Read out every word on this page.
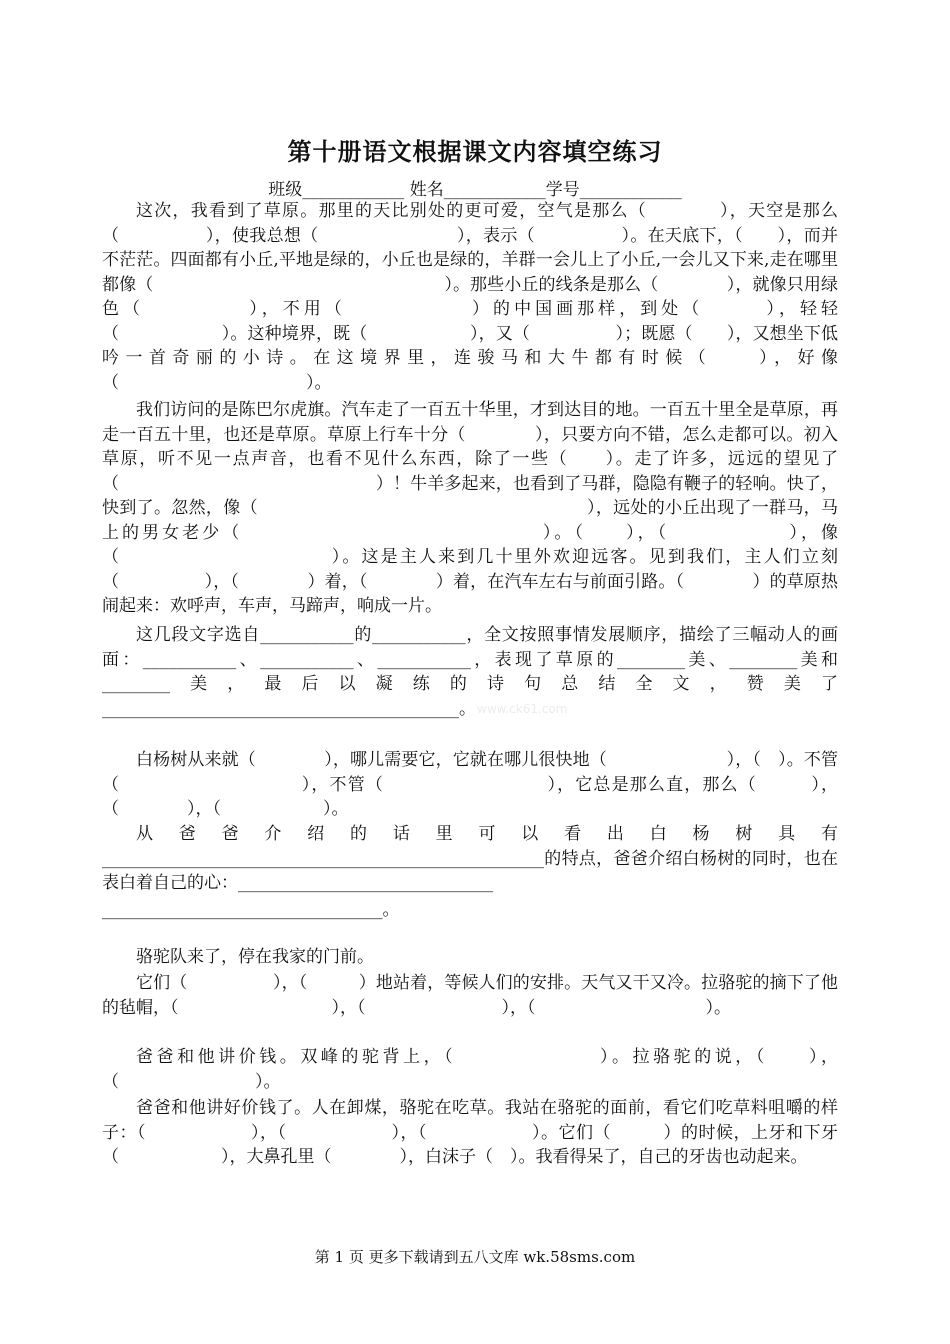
第十册语文根据课文内容填空练习
班级____________ 姓名____________学号____________

这次，我看到了草原。那里的天比别处的更可爱，空气是那么（　　　　），天空是那么（　　　　　），使我总想（　　　　　　　　），表示（　　　　　）。在天底下，（　　），而并不茫茫。四面都有小丘,平地是绿的，小丘也是绿的，羊群一会儿上了小丘,一会儿又下来,走在哪里都像（　　　　　　　　　　　　　　　　　）。那些小丘的线条是那么（　　　　），就像只用绿色（　　　　　），不用（　　　　　　）的中国画那样，到处（　　　），轻轻（　　　　　　）。这种境界，既（　　　　　　），又（　　　　　）；既愿（　　），又想坐下低吟一首奇丽的小诗。在这境界里，连骏马和大牛都有时候（　　），好像（　　　　　　　　　　　）。

我们访问的是陈巴尔虎旗。汽车走了一百五十华里，才到达目的地。一百五十里全是草原，再走一百五十里，也还是草原。草原上行车十分（　　　　），只要方向不错，怎么走都可以。初入草原，听不见一点声音，也看不见什么东西，除了一些（　　）。走了许多，远远的望见了（　　　　　　　　　　　　　　　）！牛羊多起来，也看到了马群，隐隐有鞭子的轻响。快了，快到了。忽然，像（　　　　　　　　　　　　　　　　　　　），远处的小丘出现了一群马，马上的男女老少（　　　　　　　　　　　　　　　）。（　　），（　　　　　　），像（　　　　　　　　　　　）。这是主人来到几十里外欢迎远客。见到我们，主人们立刻（　　　　　），（　　　　）着，（　　　　）着，在汽车左右与前面引路。（　　　　）的草原热闹起来：欢呼声，车声，马蹄声，响成一片。

这几段文字选自___________的___________，全文按照事情发展顺序，描绘了三幅动人的画面：___________、___________、___________，表现了草原的________美、________美和________美，最后以凝练的诗句总结全文，赞美了__________________________________________。

白杨树从来就（　　　　），哪儿需要它，它就在哪儿很快地（　　　　　　　），（　）。不管（　　　　　　　　　　），不管（　　　　　　　　　），它总是那么直，那么（　　　），（　　　　），（　　　　　　）。

从爸爸介绍的话里可以看出白杨树具有____________________________________________________的特点，爸爸介绍白杨树的同时，也在表白着自己的心：______________________________

_________________________________。

骆驼队来了，停在我家的门前。

它们（　　　　　），（　　　）地站着，等候人们的安排。天气又干又冷。拉骆驼的摘下了他的毡帽，（　　　　　　　　　），（　　　　　　　　），（　　　　　　　　　　）。

爸爸和他讲价钱。双峰的驼背上，（　　　　　　　）。拉骆驼的说，（　　），（　　　　　　　　）。

爸爸和他讲好价钱了。人在卸煤，骆驼在吃草。我站在骆驼的面前，看它们吃草料咀嚼的样子：（　　　　　　），（　　　　　　），（　　　　　　）。它们（　　　）的时候，上牙和下牙（　　　　　　），大鼻孔里（　　　　），白沫子（　）。我看得呆了，自己的牙齿也动起来。

www.ck61.com
第 1 页 更多下载请到五八文库 wk.58sms.com
